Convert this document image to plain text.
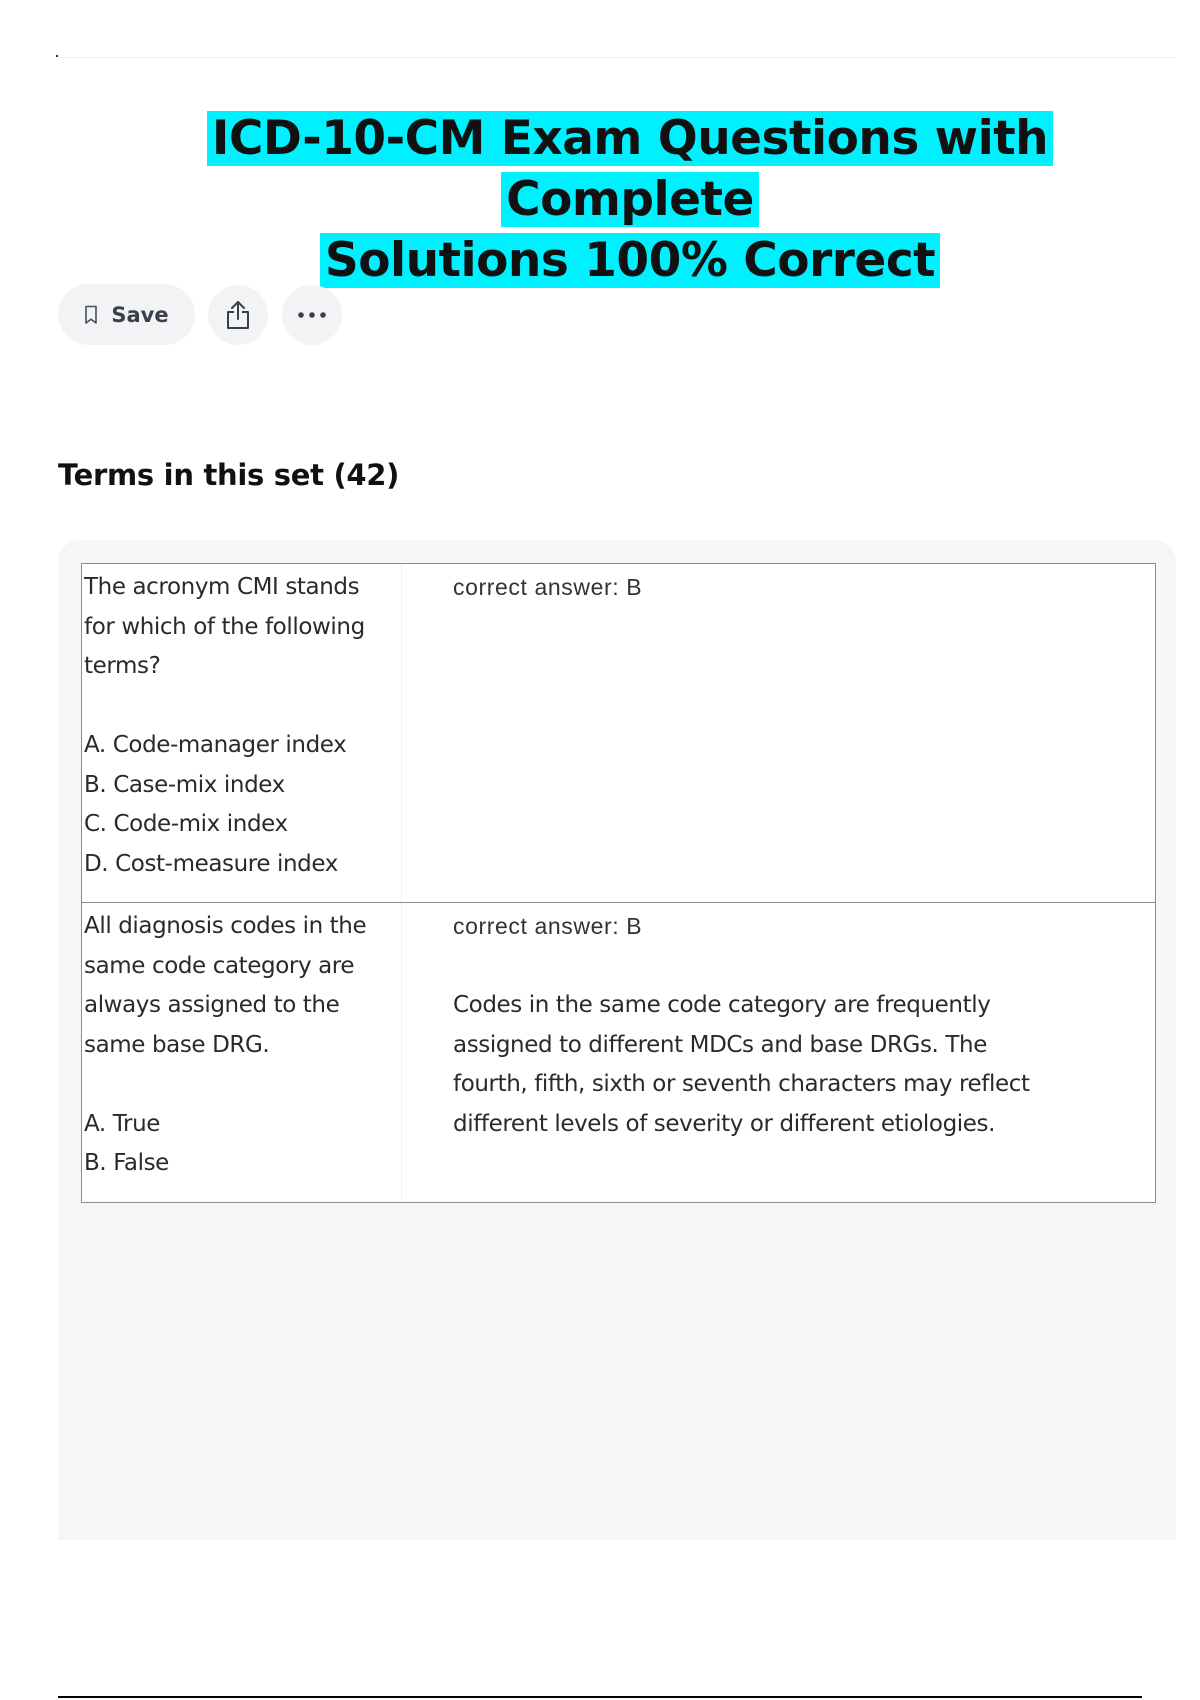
ICD-10-CM Exam Questions with Complete
Solutions 100% Correct
Save
Terms in this set (42)
The acronym CMI stands
for which of the following
terms?
A. Code-manager index
B. Case-mix index
C. Code-mix index
D. Cost-measure index
correct answer: B
All diagnosis codes in the
same code category are
always assigned to the
same base DRG.
A. True
B. False
correct answer: B
Codes in the same code category are frequently
assigned to different MDCs and base DRGs. The
fourth, fifth, sixth or seventh characters may reflect
different levels of severity or different etiologies.
